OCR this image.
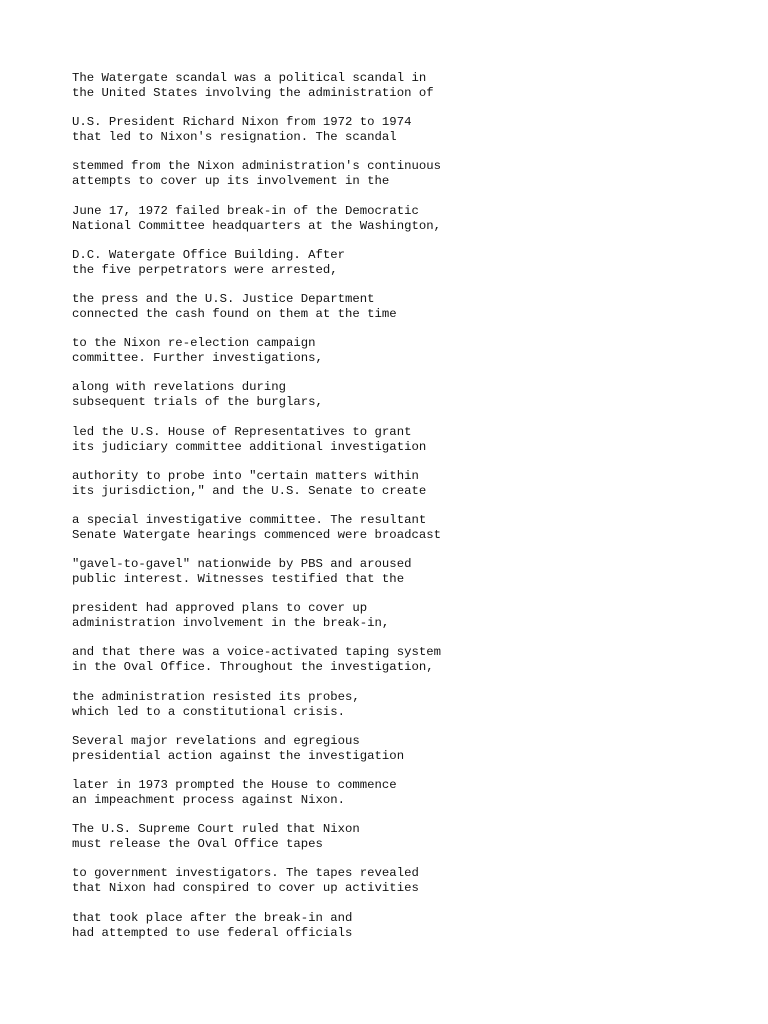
The Watergate scandal was a political scandal in
the United States involving the administration of
U.S. President Richard Nixon from 1972 to 1974
that led to Nixon's resignation. The scandal
stemmed from the Nixon administration's continuous
attempts to cover up its involvement in the
June 17, 1972 failed break-in of the Democratic
National Committee headquarters at the Washington,
D.C. Watergate Office Building. After
the five perpetrators were arrested,
the press and the U.S. Justice Department
connected the cash found on them at the time
to the Nixon re-election campaign
committee. Further investigations,
along with revelations during
subsequent trials of the burglars,
led the U.S. House of Representatives to grant
its judiciary committee additional investigation
authority to probe into "certain matters within
its jurisdiction," and the U.S. Senate to create
a special investigative committee. The resultant
Senate Watergate hearings commenced were broadcast
"gavel-to-gavel" nationwide by PBS and aroused
public interest. Witnesses testified that the
president had approved plans to cover up
administration involvement in the break-in,
and that there was a voice-activated taping system
in the Oval Office. Throughout the investigation,
the administration resisted its probes,
which led to a constitutional crisis.
Several major revelations and egregious
presidential action against the investigation
later in 1973 prompted the House to commence
an impeachment process against Nixon.
The U.S. Supreme Court ruled that Nixon
must release the Oval Office tapes
to government investigators. The tapes revealed
that Nixon had conspired to cover up activities
that took place after the break-in and
had attempted to use federal officials
